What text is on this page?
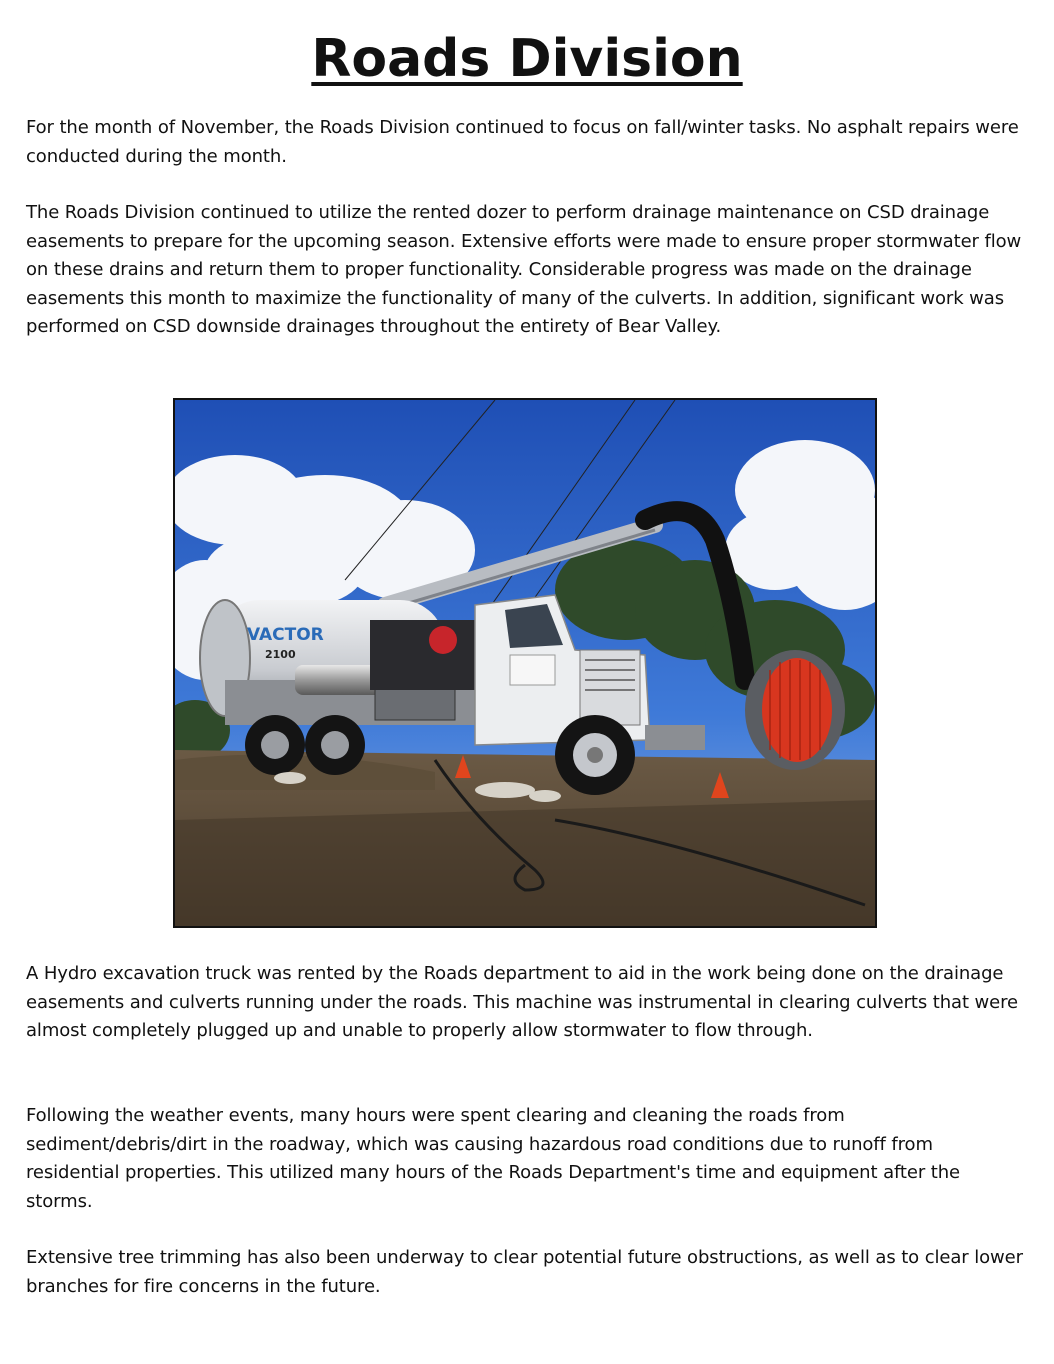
Roads Division

For the month of November, the Roads Division continued to focus on fall/winter tasks. No asphalt repairs were conducted during the month.

The Roads Division continued to utilize the rented dozer to perform drainage maintenance on CSD drainage easements to prepare for the upcoming season. Extensive efforts were made to ensure proper stormwater flow on these drains and return them to proper functionality. Considerable progress was made on the drainage easements this month to maximize the functionality of many of the culverts. In addition, significant work was performed on CSD downside drainages throughout the entirety of Bear Valley.

VACTOR
2100

A Hydro excavation truck was rented by the Roads department to aid in the work being done on the drainage easements and culverts running under the roads. This machine was instrumental in clearing culverts that were almost completely plugged up and unable to properly allow stormwater to flow through.

Following the weather events, many hours were spent clearing and cleaning the roads from sediment/debris/dirt in the roadway, which was causing hazardous road conditions due to runoff from residential properties. This utilized many hours of the Roads Department's time and equipment after the storms.

Extensive tree trimming has also been underway to clear potential future obstructions, as well as to clear lower branches for fire concerns in the future.
